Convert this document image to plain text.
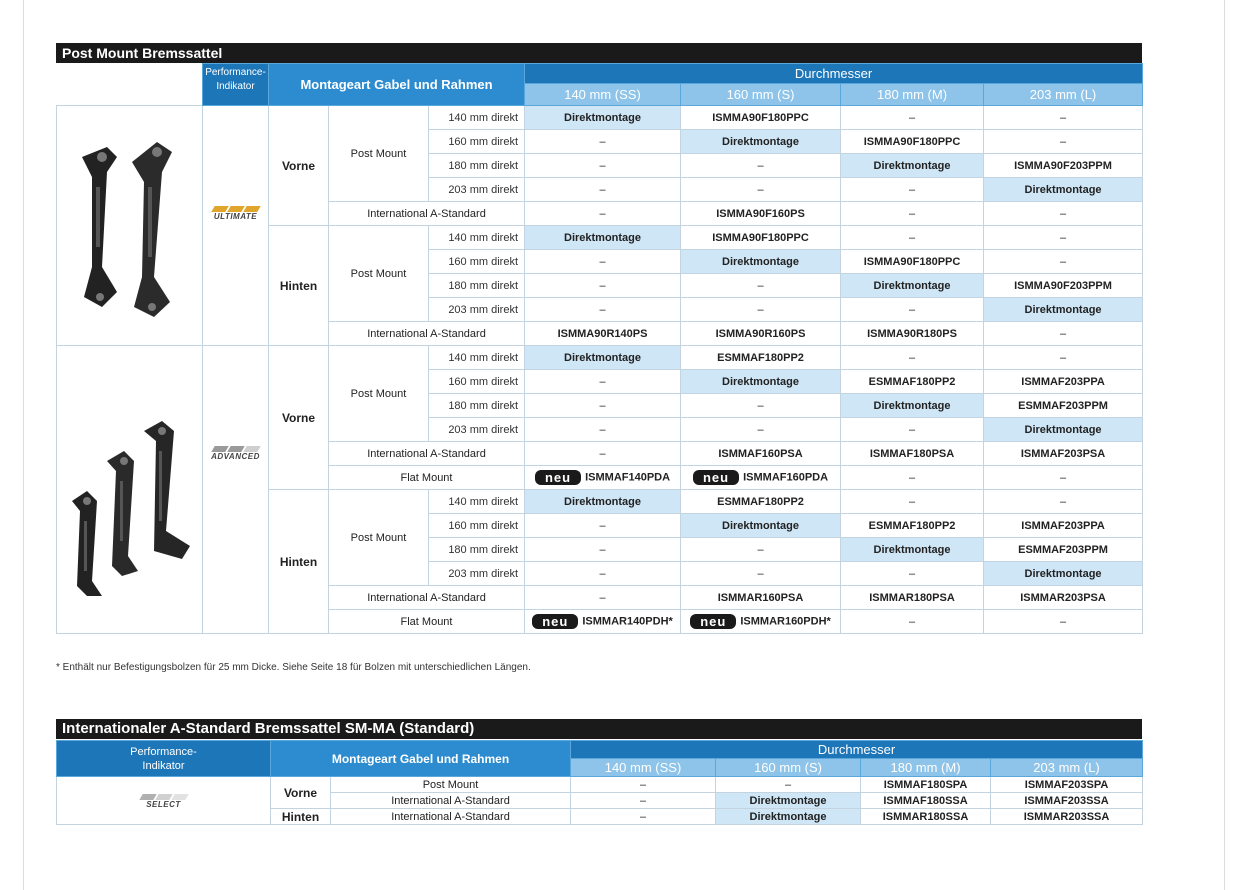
Post Mount Bremssattel
	Performance-
Indikator	Montageart Gabel und Rahmen			Durchmesser			
					140 mm (SS)	160 mm (S)	180 mm (M)	203 mm (L)

ULTIMATE	Vorne	Post Mount	140 mm direkt	Direktmontage	ISMMA90F180PPC	–	–
				160 mm direkt	–	Direktmontage	ISMMA90F180PPC	–
				180 mm direkt	–	–	Direktmontage	ISMMA90F203PPM
				203 mm direkt	–	–	–	Direktmontage
			International A-Standard		–	ISMMA90F160PS	–	–
		Hinten	Post Mount	140 mm direkt	Direktmontage	ISMMA90F180PPC	–	–
				160 mm direkt	–	Direktmontage	ISMMA90F180PPC	–
				180 mm direkt	–	–	Direktmontage	ISMMA90F203PPM
				203 mm direkt	–	–	–	Direktmontage
			International A-Standard		ISMMA90R140PS	ISMMA90R160PS	ISMMA90R180PS	–

ADVANCED	Vorne	Post Mount	140 mm direkt	Direktmontage	ESMMAF180PP2	–	–
				160 mm direkt	–	Direktmontage	ESMMAF180PP2	ISMMAF203PPA
				180 mm direkt	–	–	Direktmontage	ESMMAF203PPM
				203 mm direkt	–	–	–	Direktmontage
			International A-Standard		–	ISMMAF160PSA	ISMMAF180PSA	ISMMAF203PSA
			Flat Mount		neu ISMMAF140PDA	neu ISMMAF160PDA	–	–
		Hinten	Post Mount	140 mm direkt	Direktmontage	ESMMAF180PP2	–	–
				160 mm direkt	–	Direktmontage	ESMMAF180PP2	ISMMAF203PPA
				180 mm direkt	–	–	Direktmontage	ESMMAF203PPM
				203 mm direkt	–	–	–	Direktmontage
			International A-Standard		–	ISMMAR160PSA	ISMMAR180PSA	ISMMAR203PSA
			Flat Mount		neu ISMMAR140PDH*	neu ISMMAR160PDH*	–	–
* Enthält nur Befestigungsbolzen für 25 mm Dicke. Siehe Seite 18 für Bolzen mit unterschiedlichen Längen.
Internationaler A-Standard Bremssattel SM-MA (Standard)
Performance-
Indikator	Montageart Gabel und Rahmen		Durchmesser			
			140 mm (SS)	160 mm (S)	180 mm (M)	203 mm (L)

SELECT	Vorne	Post Mount	–	–	ISMMAF180SPA	ISMMAF203SPA
		International A-Standard	–	Direktmontage	ISMMAF180SSA	ISMMAF203SSA
	Hinten	International A-Standard	–	Direktmontage	ISMMAR180SSA	ISMMAR203SSA
